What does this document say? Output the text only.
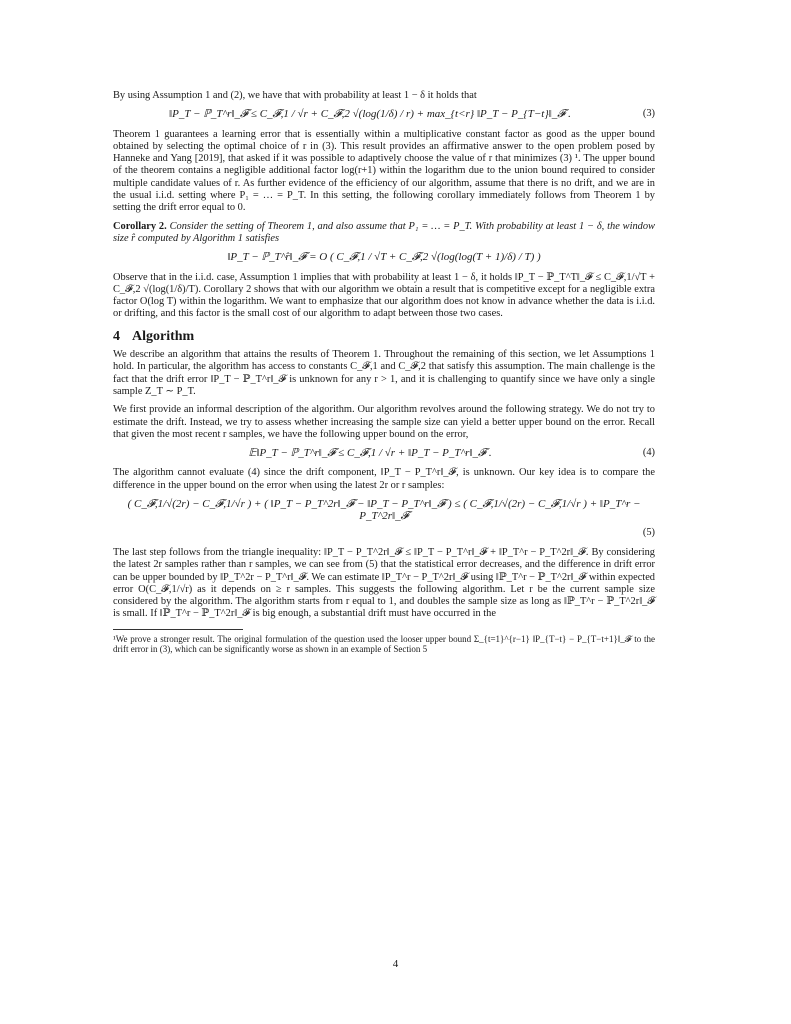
By using Assumption 1 and (2), we have that with probability at least 1 − δ it holds that

‖P_T − ℙ_T^r‖_𝓕 ≤ C_𝓕,1 / √r + C_𝓕,2 √(log(1/δ) / r) + max_{t<r} ‖P_T − P_{T−t}‖_𝓕 .	(3)

Theorem 1 guarantees a learning error that is essentially within a multiplicative constant factor as good as the upper bound obtained by selecting the optimal choice of r in (3). This result provides an affirmative answer to the open problem posed by Hanneke and Yang [2019], that asked if it was possible to adaptively choose the value of r that minimizes (3) ¹. The upper bound of the theorem contains a negligible additional factor log(r+1) within the logarithm due to the union bound required to consider multiple candidate values of r. As further evidence of the efficiency of our algorithm, assume that there is no drift, and we are in the usual i.i.d. setting where P₁ = … = P_T. In this setting, the following corollary immediately follows from Theorem 1 by setting the drift error equal to 0.

Corollary 2. Consider the setting of Theorem 1, and also assume that P₁ = … = P_T. With probability at least 1 − δ, the window size r̂ computed by Algorithm 1 satisfies

‖P_T − ℙ_T^r̂‖_𝓕 = O ( C_𝓕,1 / √T + C_𝓕,2 √(log(log(T + 1)/δ) / T) )

Observe that in the i.i.d. case, Assumption 1 implies that with probability at least 1 − δ, it holds ‖P_T − ℙ_T^T‖_𝓕 ≤ C_𝓕,1/√T + C_𝓕,2 √(log(1/δ)/T). Corollary 2 shows that with our algorithm we obtain a result that is competitive except for a negligible extra factor O(log T) within the logarithm. We want to emphasize that our algorithm does not know in advance whether the data is i.i.d. or drifting, and this factor is the small cost of our algorithm to adapt between those two cases.

4 Algorithm

We describe an algorithm that attains the results of Theorem 1. Throughout the remaining of this section, we let Assumptions 1 hold. In particular, the algorithm has access to constants C_𝓕,1 and C_𝓕,2 that satisfy this assumption. The main challenge is the fact that the drift error ‖P_T − ℙ_T^r‖_𝓕 is unknown for any r > 1, and it is challenging to quantify since we have only a single sample Z_T ∼ P_T.

We first provide an informal description of the algorithm. Our algorithm revolves around the following strategy. We do not try to estimate the drift. Instead, we try to assess whether increasing the sample size can yield a better upper bound on the error. Recall that given the most recent r samples, we have the following upper bound on the error,

𝔼‖P_T − ℙ_T^r‖_𝓕 ≤ C_𝓕,1 / √r + ‖P_T − P_T^r‖_𝓕 .	(4)

The algorithm cannot evaluate (4) since the drift component, ‖P_T − P_T^r‖_𝓕, is unknown. Our key idea is to compare the difference in the upper bound on the error when using the latest 2r or r samples:

( C_𝓕,1/√(2r) − C_𝓕,1/√r ) + ( ‖P_T − P_T^2r‖_𝓕 − ‖P_T − P_T^r‖_𝓕 ) ≤ ( C_𝓕,1/√(2r) − C_𝓕,1/√r ) + ‖P_T^r − P_T^2r‖_𝓕
(5)

The last step follows from the triangle inequality: ‖P_T − P_T^2r‖_𝓕 ≤ ‖P_T − P_T^r‖_𝓕 + ‖P_T^r − P_T^2r‖_𝓕. By considering the latest 2r samples rather than r samples, we can see from (5) that the statistical error decreases, and the difference in drift error can be upper bounded by ‖P_T^2r − P_T^r‖_𝓕. We can estimate ‖P_T^r − P_T^2r‖_𝓕 using ‖ℙ_T^r − ℙ_T^2r‖_𝓕 within expected error O(C_𝓕,1/√r) as it depends on ≥ r samples. This suggests the following algorithm. Let r be the current sample size considered by the algorithm. The algorithm starts from r equal to 1, and doubles the sample size as long as ‖ℙ_T^r − ℙ_T^2r‖_𝓕 is small. If ‖ℙ_T^r − ℙ_T^2r‖_𝓕 is big enough, a substantial drift must have occurred in the

¹We prove a stronger result. The original formulation of the question used the looser upper bound Σ_{t=1}^{r−1} ‖P_{T−t} − P_{T−t+1}‖_𝓕 to the drift error in (3), which can be significantly worse as shown in an example of Section 5
4
